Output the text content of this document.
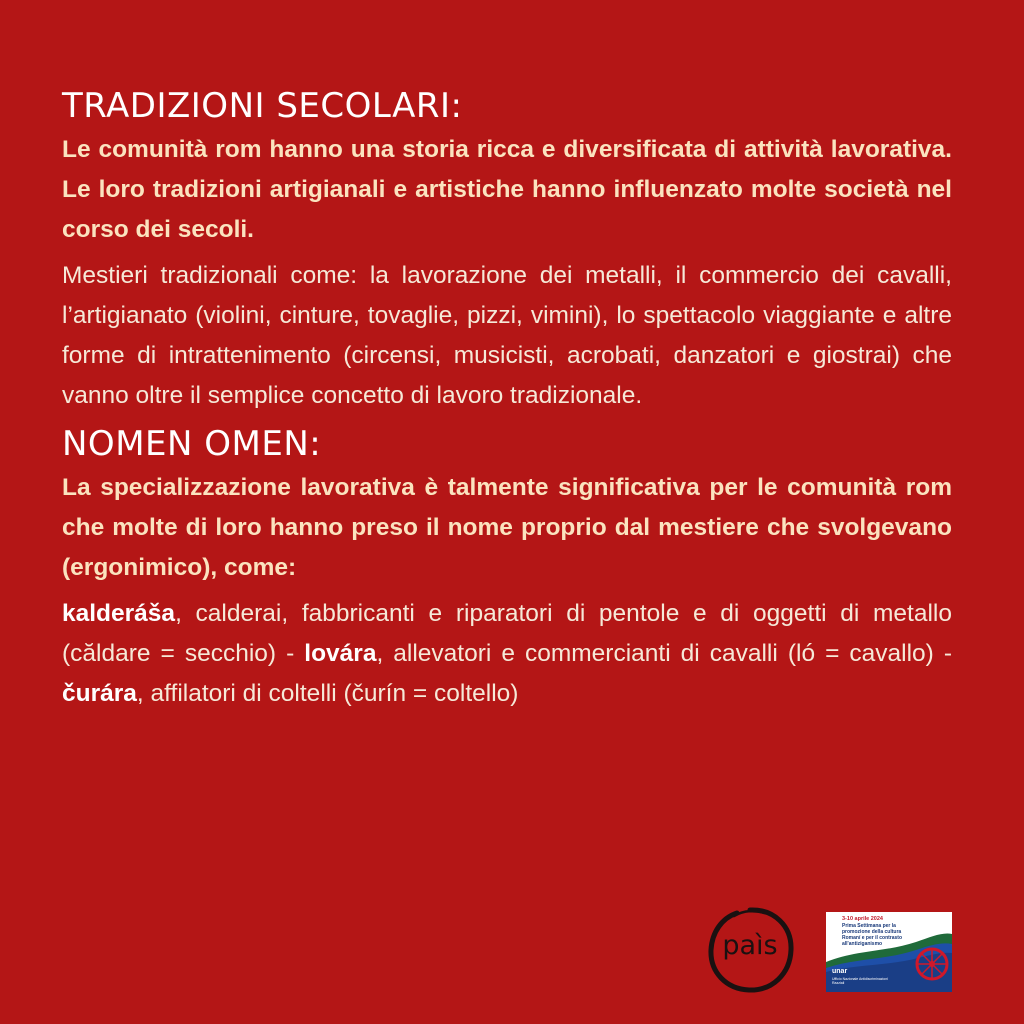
TRADIZIONI SECOLARI:

Le comunità rom hanno una storia ricca e diversificata di attività lavorativa. Le loro tradizioni artigianali e artistiche hanno influenzato molte società nel corso dei secoli.

Mestieri tradizionali come: la lavorazione dei metalli, il commercio dei cavalli, l’artigianato (violini, cinture, tovaglie, pizzi, vimini), lo spettacolo viaggiante e altre forme di intrattenimento (circensi, musicisti, acrobati, danzatori e giostrai) che vanno oltre il semplice concetto di lavoro tradizionale.

NOMEN OMEN:

La specializzazione lavorativa è talmente significativa per le comunità rom che molte di loro hanno preso il nome proprio dal mestiere che svolgevano (ergonimico), come:

kalderáša, calderai, fabbricanti e riparatori di pentole e di oggetti di metallo (căldare = secchio) - lovára, allevatori e commercianti di cavalli (ló = cavallo) - čurára, affilatori di coltelli (čurín = coltello)

paìs
3-10 aprile 2024
Prima Settimana per la promozione della cultura Romaní e per il contrasto all'antiziganismo
unar
Ufficio Nazionale Antidiscriminazioni Razziali
